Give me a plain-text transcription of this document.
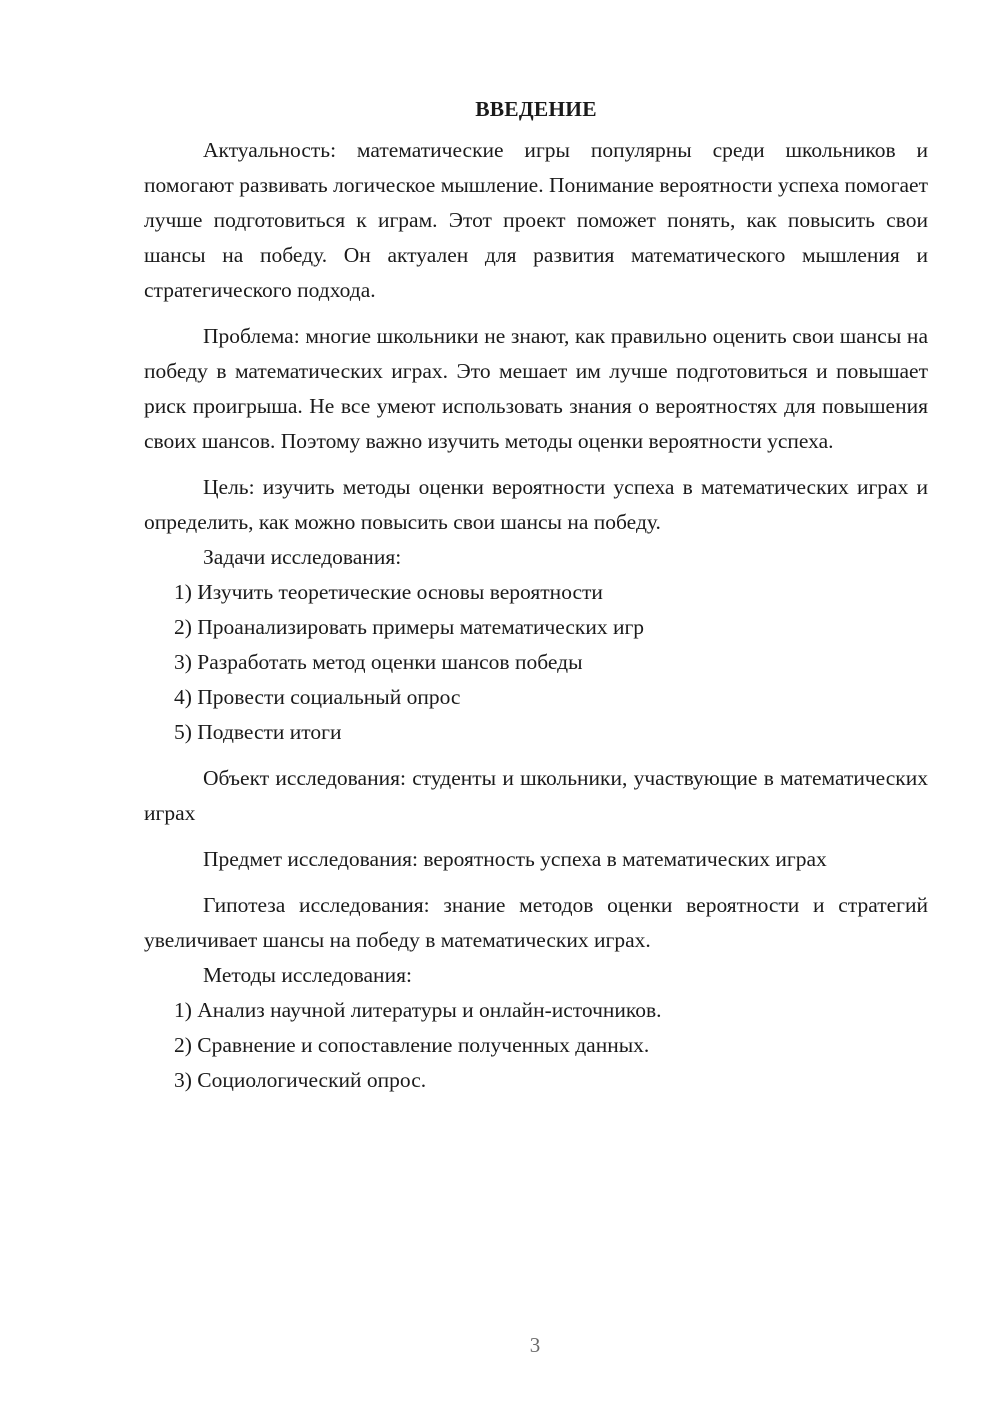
ВВЕДЕНИЕ

Актуальность: математические игры популярны среди школьников и помогают развивать логическое мышление. Понимание вероятности успеха помогает лучше подготовиться к играм. Этот проект поможет понять, как повысить свои шансы на победу. Он актуален для развития математического мышления и стратегического подхода.

Проблема: многие школьники не знают, как правильно оценить свои шансы на победу в математических играх. Это мешает им лучше подготовиться и повышает риск проигрыша. Не все умеют использовать знания о вероятностях для повышения своих шансов. Поэтому важно изучить методы оценки вероятности успеха.

Цель: изучить методы оценки вероятности успеха в математических играх и определить, как можно повысить свои шансы на победу.

Задачи исследования:

1) Изучить теоретические основы вероятности

2) Проанализировать примеры математических игр

3) Разработать метод оценки шансов победы

4) Провести социальный опрос

5) Подвести итоги

Объект исследования: студенты и школьники, участвующие в математических играх

Предмет исследования: вероятность успеха в математических играх

Гипотеза исследования: знание методов оценки вероятности и стратегий увеличивает шансы на победу в математических играх.

Методы исследования:

1) Анализ научной литературы и онлайн-источников.

2) Сравнение и сопоставление полученных данных.

3) Социологический опрос.

3
